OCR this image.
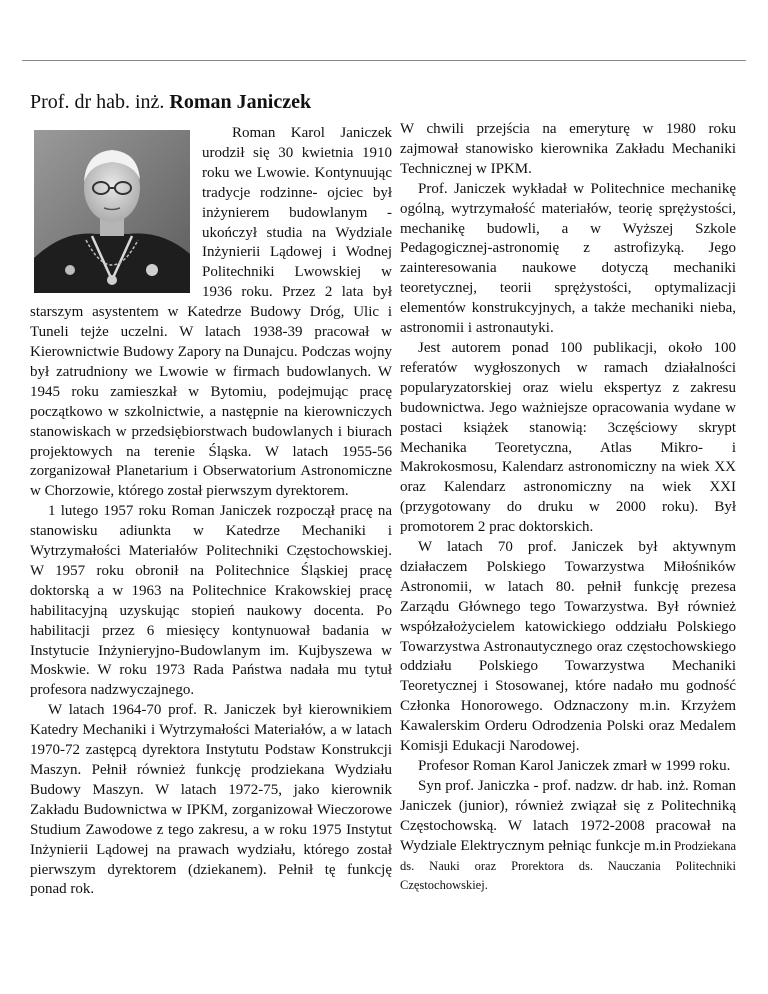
Prof. dr hab. inż. Roman Janiczek

Roman Karol Janiczek urodził się 30 kwietnia 1910 roku we Lwowie. Kontynuując tradycje rodzinne- ojciec był inżynierem budowlanym - ukończył studia na Wydziale Inżynierii Lądowej i Wodnej Politechniki Lwowskiej w 1936 roku. Przez 2 lata był starszym asystentem w Katedrze Budowy Dróg, Ulic i Tuneli tejże uczelni. W latach 1938-39 pracował w Kierownictwie Budowy Zapory na Dunajcu. Podczas wojny był zatrudniony we Lwowie w firmach budowlanych. W 1945 roku zamieszkał w Bytomiu, podejmując pracę początkowo w szkolnictwie, a następnie na kierowniczych stanowiskach w przedsiębiorstwach budowlanych i biurach projektowych na terenie Śląska. W latach 1955-56 zorganizował Planetarium i Obserwatorium Astronomiczne w Chorzowie, którego został pierwszym dyrektorem.

1 lutego 1957 roku Roman Janiczek rozpoczął pracę na stanowisku adiunkta w Katedrze Mechaniki i Wytrzymałości Materiałów Politechniki Częstochowskiej. W 1957 roku obronił na Politechnice Śląskiej pracę doktorską a w 1963 na Politechnice Krakowskiej pracę habilitacyjną uzyskując stopień naukowy docenta. Po habilitacji przez 6 miesięcy kontynuował badania w Instytucie Inżynieryjno-Budowlanym im. Kujbyszewa w Moskwie. W roku 1973 Rada Państwa nadała mu tytuł profesora nadzwyczajnego.

W latach 1964-70 prof. R. Janiczek był kierownikiem Katedry Mechaniki i Wytrzymałości Materiałów, a w latach 1970-72 zastępcą dyrektora Instytutu Podstaw Konstrukcji Maszyn. Pełnił również funkcję prodziekana Wydziału Budowy Maszyn. W latach 1972-75, jako kierownik Zakładu Budownictwa w IPKM, zorganizował Wieczorowe Studium Zawodowe z tego zakresu, a w roku 1975 Instytut Inżynierii Lądowej na prawach wydziału, którego został pierwszym dyrektorem (dziekanem). Pełnił tę funkcję ponad rok.

W chwili przejścia na emeryturę w 1980 roku zajmował stanowisko kierownika Zakładu Mechaniki Technicznej w IPKM.

Prof. Janiczek wykładał w Politechnice mechanikę ogólną, wytrzymałość materiałów, teorię sprężystości, mechanikę budowli, a w Wyższej Szkole Pedagogicznej-astronomię z astrofizyką. Jego zainteresowania naukowe dotyczą mechaniki teoretycznej, teorii sprężystości, optymalizacji elementów konstrukcyjnych, a także mechaniki nieba, astronomii i astronautyki.

Jest autorem ponad 100 publikacji, około 100 referatów wygłoszonych w ramach działalności popularyzatorskiej oraz wielu ekspertyz z zakresu budownictwa. Jego ważniejsze opracowania wydane w postaci książek stanowią: 3częściowy skrypt Mechanika Teoretyczna, Atlas Mikro- i Makrokosmosu, Kalendarz astronomiczny na wiek XX oraz Kalendarz astronomiczny na wiek XXI (przygotowany do druku w 2000 roku). Był promotorem 2 prac doktorskich.

W latach 70 prof. Janiczek był aktywnym działaczem Polskiego Towarzystwa Miłośników Astronomii, w latach 80. pełnił funkcję prezesa Zarządu Głównego tego Towarzystwa. Był również współzałożycielem katowickiego oddziału Polskiego Towarzystwa Astronautycznego oraz częstochowskiego oddziału Polskiego Towarzystwa Mechaniki Teoretycznej i Stosowanej, które nadało mu godność Członka Honorowego. Odznaczony m.in. Krzyżem Kawalerskim Orderu Odrodzenia Polski oraz Medalem Komisji Edukacji Narodowej.

Profesor Roman Karol Janiczek zmarł w 1999 roku.

Syn prof. Janiczka - prof. nadzw. dr hab. inż. Roman Janiczek (junior), również związał się z Politechniką Częstochowską. W latach 1972-2008 pracował na Wydziale Elektrycznym pełniąc funkcje m.in Prodziekana ds. Nauki oraz Prorektora ds. Nauczania Politechniki Częstochowskiej.
